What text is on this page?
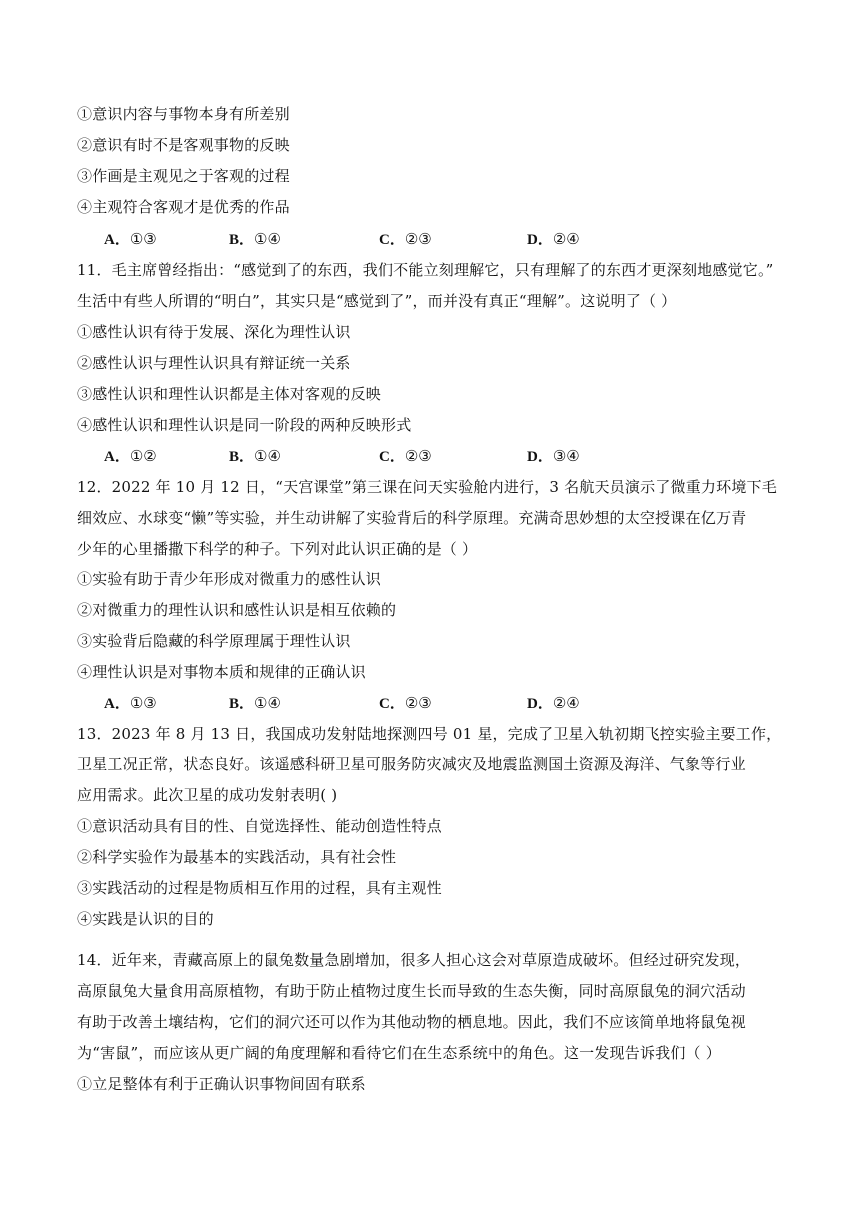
①意识内容与事物本身有所差别
②意识有时不是客观事物的反映
③作画是主观见之于客观的过程
④主观符合客观才是优秀的作品
A．①③	B．①④	C．②③	D．②④
11．毛主席曾经指出：“感觉到了的东西，我们不能立刻理解它，只有理解了的东西才更深刻地感觉它。”
生活中有些人所谓的“明白”，其实只是“感觉到了”，而并没有真正“理解”。这说明了（ ）
①感性认识有待于发展、深化为理性认识
②感性认识与理性认识具有辩证统一关系
③感性认识和理性认识都是主体对客观的反映
④感性认识和理性认识是同一阶段的两种反映形式
A．①②	B．①④	C．②③	D．③④
12．2022 年 10 月 12 日，“天宫课堂”第三课在问天实验舱内进行，3 名航天员演示了微重力环境下毛
细效应、水球变“懒”等实验，并生动讲解了实验背后的科学原理。充满奇思妙想的太空授课在亿万青
少年的心里播撒下科学的种子。下列对此认识正确的是（ ）
①实验有助于青少年形成对微重力的感性认识
②对微重力的理性认识和感性认识是相互依赖的
③实验背后隐藏的科学原理属于理性认识
④理性认识是对事物本质和规律的正确认识
A．①③	B．①④	C．②③	D．②④
13．2023 年 8 月 13 日，我国成功发射陆地探测四号 01 星，完成了卫星入轨初期飞控实验主要工作，
卫星工况正常，状态良好。该遥感科研卫星可服务防灾减灾及地震监测国土资源及海洋、气象等行业
应用需求。此次卫星的成功发射表明( )
①意识活动具有目的性、自觉选择性、能动创造性特点
②科学实验作为最基本的实践活动，具有社会性
③实践活动的过程是物质相互作用的过程，具有主观性
④实践是认识的目的
14．近年来，青藏高原上的鼠兔数量急剧增加，很多人担心这会对草原造成破坏。但经过研究发现，
高原鼠兔大量食用高原植物，有助于防止植物过度生长而导致的生态失衡，同时高原鼠兔的洞穴活动
有助于改善土壤结构，它们的洞穴还可以作为其他动物的栖息地。因此，我们不应该简单地将鼠兔视
为“害鼠”，而应该从更广阔的角度理解和看待它们在生态系统中的角色。这一发现告诉我们（ ）
①立足整体有利于正确认识事物间固有联系
